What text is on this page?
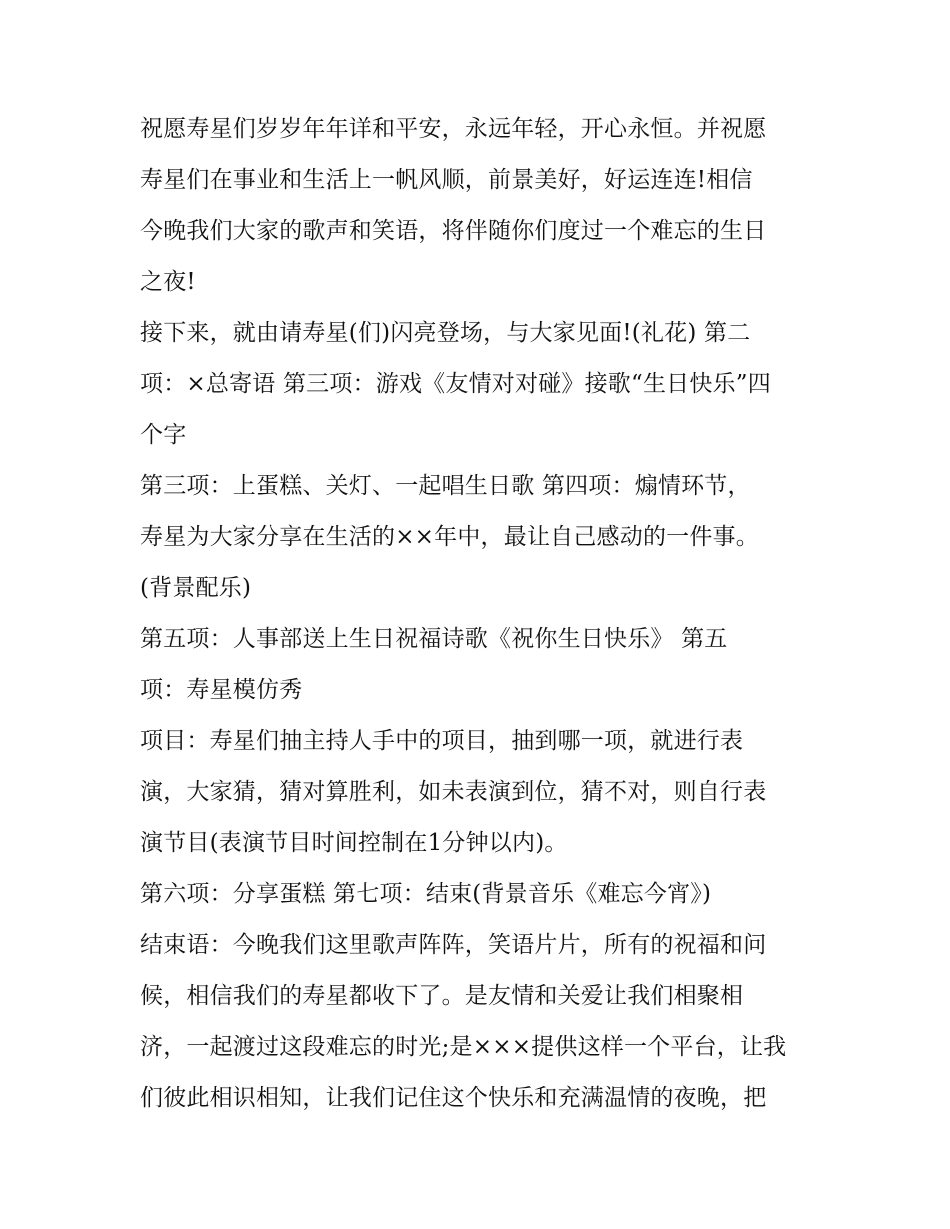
祝愿寿星们岁岁年年详和平安，永远年轻，开心永恒。并祝愿
寿星们在事业和生活上一帆风顺，前景美好，好运连连!相信
今晚我们大家的歌声和笑语，将伴随你们度过一个难忘的生日
之夜!
接下来，就由请寿星(们)闪亮登场，与大家见面!(礼花) 第二
项：×总寄语 第三项：游戏《友情对对碰》接歌“生日快乐”四
个字
第三项：上蛋糕、关灯、一起唱生日歌 第四项：煽情环节，
寿星为大家分享在生活的××年中，最让自己感动的一件事。
(背景配乐)
第五项：人事部送上生日祝福诗歌《祝你生日快乐》 第五
项：寿星模仿秀
项目：寿星们抽主持人手中的项目，抽到哪一项，就进行表
演，大家猜，猜对算胜利，如未表演到位，猜不对，则自行表
演节目(表演节目时间控制在1分钟以内)。
第六项：分享蛋糕 第七项：结束(背景音乐《难忘今宵》)
结束语：今晚我们这里歌声阵阵，笑语片片，所有的祝福和问
候，相信我们的寿星都收下了。是友情和关爱让我们相聚相
济，一起渡过这段难忘的时光;是×××提供这样一个平台，让我
们彼此相识相知，让我们记住这个快乐和充满温情的夜晚，把
